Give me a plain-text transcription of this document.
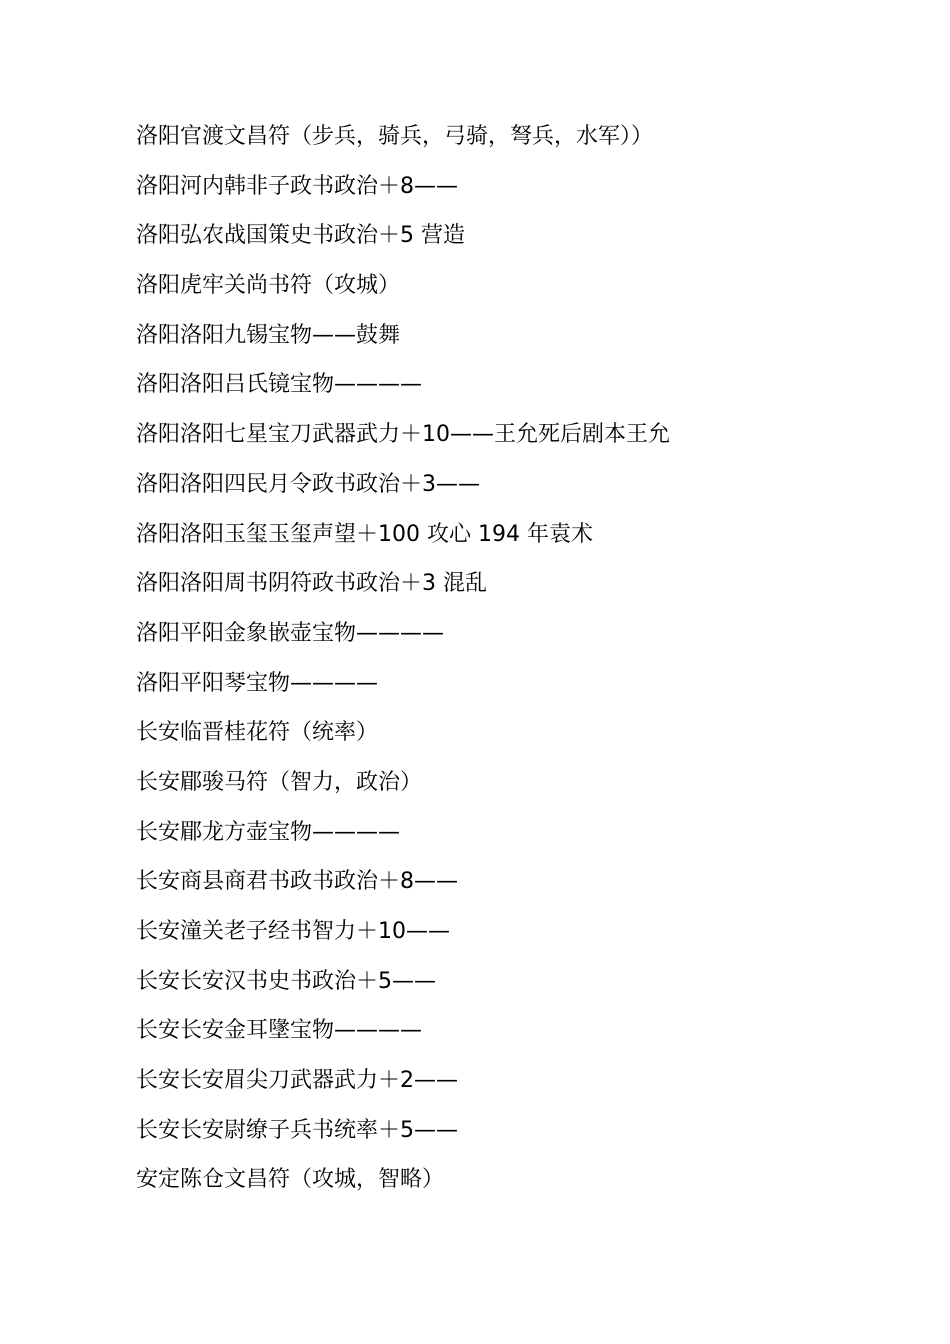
洛阳官渡文昌符（步兵，骑兵，弓骑，弩兵，水军））
洛阳河内韩非子政书政治＋8——
洛阳弘农战国策史书政治＋5 营造
洛阳虎牢关尚书符（攻城）
洛阳洛阳九锡宝物——鼓舞
洛阳洛阳吕氏镜宝物————
洛阳洛阳七星宝刀武器武力＋10——王允死后剧本王允
洛阳洛阳四民月令政书政治＋3——
洛阳洛阳玉玺玉玺声望＋100 攻心 194 年袁术
洛阳洛阳周书阴符政书政治＋3 混乱
洛阳平阳金象嵌壶宝物————
洛阳平阳琴宝物————
长安临晋桂花符（统率）
长安郿骏马符（智力，政治）
长安郿龙方壶宝物————
长安商县商君书政书政治＋8——
长安潼关老子经书智力＋10——
长安长安汉书史书政治＋5——
长安长安金耳墬宝物————
长安长安眉尖刀武器武力＋2——
长安长安尉缭子兵书统率＋5——
安定陈仓文昌符（攻城，智略）
